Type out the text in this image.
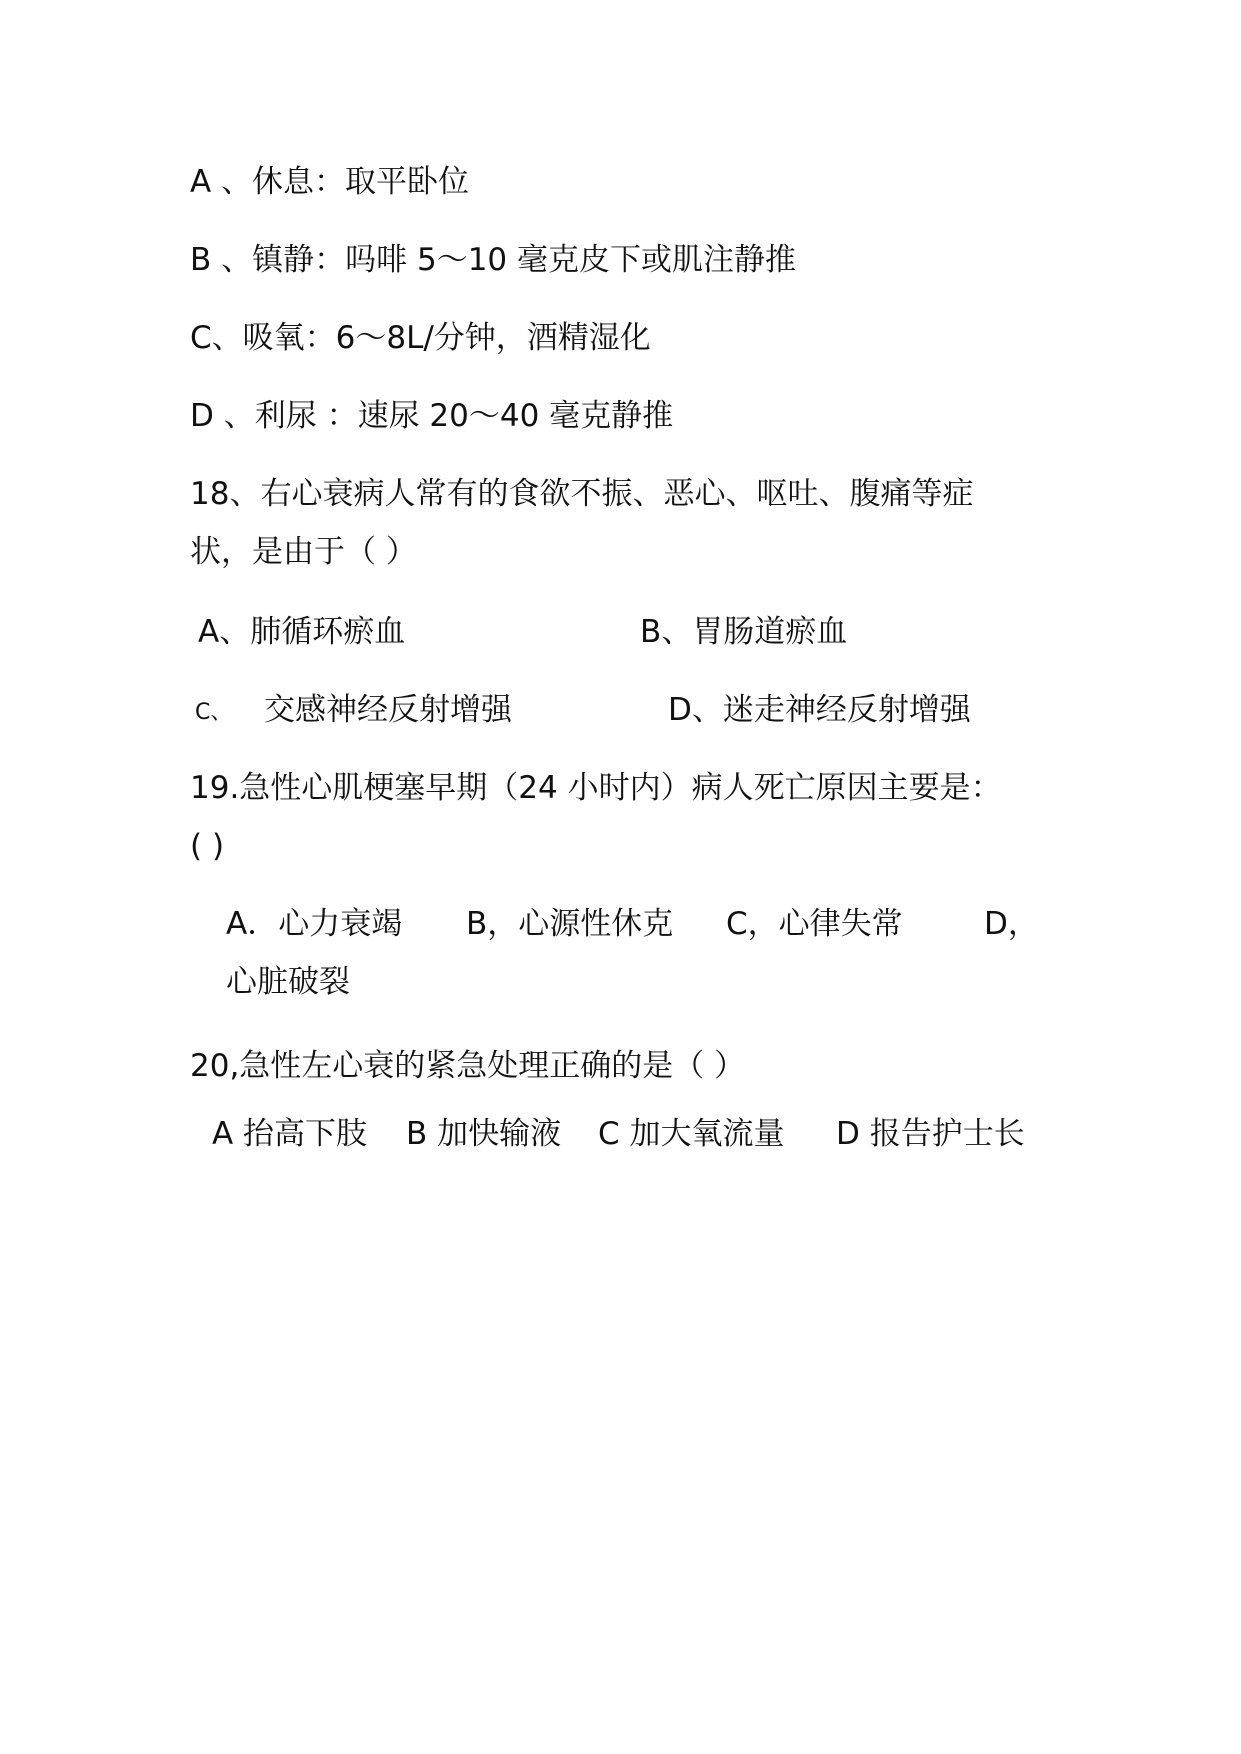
A 、休息：取平卧位
B 、镇静：吗啡 5～10 毫克皮下或肌注静推
C、吸氧：6～8L/分钟，酒精湿化
D 、利尿 ：速尿 20～40 毫克静推
18、右心衰病人常有的食欲不振、恶心、呕吐、腹痛等症
状，是由于（ ）
A、肺循环瘀血	B、胃肠道瘀血
C、 交感神经反射增强	D、迷走神经反射增强
19.急性心肌梗塞早期（24 小时内）病人死亡原因主要是：
( )
A．心力衰竭 B，心源性休克 C，心律失常	D，
心脏破裂
20,急性左心衰的紧急处理正确的是（ ）
A 抬高下肢 B 加快输液 C 加大氧流量 D 报告护士长
